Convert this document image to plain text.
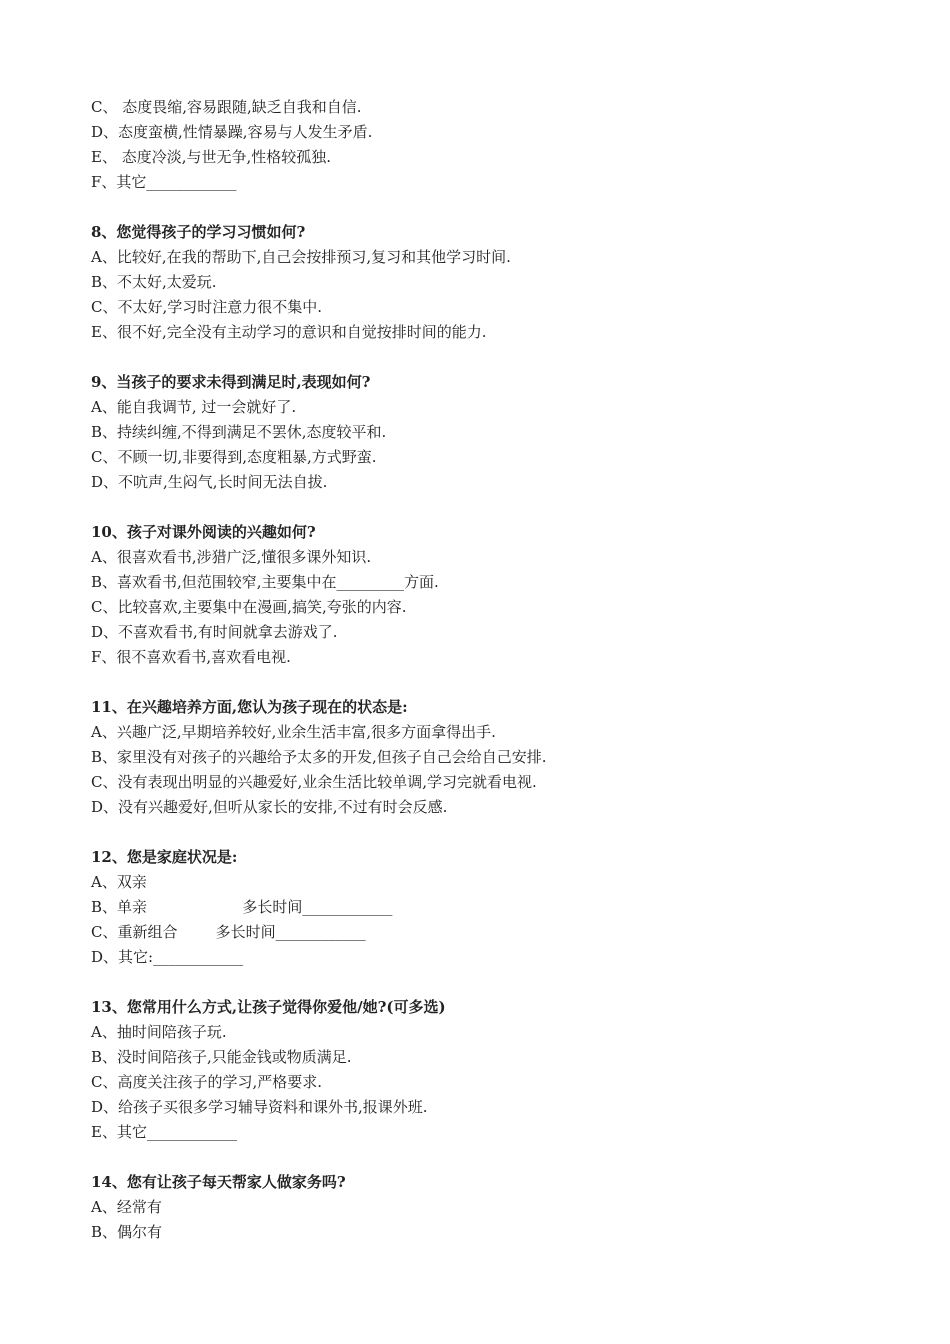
C、 态度畏缩,容易跟随,缺乏自我和自信.
D、态度蛮横,性情暴躁,容易与人发生矛盾.
E、 态度冷淡,与世无争,性格较孤独.
F、其它____________
8、您觉得孩子的学习习惯如何?
A、比较好,在我的帮助下,自己会按排预习,复习和其他学习时间.
B、不太好,太爱玩.
C、不太好,学习时注意力很不集中.
E、很不好,完全没有主动学习的意识和自觉按排时间的能力.
9、当孩子的要求未得到满足时,表现如何?
A、能自我调节, 过一会就好了.
B、持续纠缠,不得到满足不罢休,态度较平和.
C、不顾一切,非要得到,态度粗暴,方式野蛮.
D、不吭声,生闷气,长时间无法自拔.
10、孩子对课外阅读的兴趣如何?
A、很喜欢看书,涉猎广泛,懂很多课外知识.
B、喜欢看书,但范围较窄,主要集中在_________方面.
C、比较喜欢,主要集中在漫画,搞笑,夸张的内容.
D、不喜欢看书,有时间就拿去游戏了.
F、很不喜欢看书,喜欢看电视.
11、在兴趣培养方面,您认为孩子现在的状态是:
A、兴趣广泛,早期培养较好,业余生活丰富,很多方面拿得出手.
B、家里没有对孩子的兴趣给予太多的开发,但孩子自己会给自己安排.
C、没有表现出明显的兴趣爱好,业余生活比较单调,学习完就看电视.
D、没有兴趣爱好,但听从家长的安排,不过有时会反感.
12、您是家庭状况是:
A、双亲
B、单亲                    多长时间____________
C、重新组合        多长时间____________
D、其它:____________
13、您常用什么方式,让孩子觉得你爱他/她?(可多选)
A、抽时间陪孩子玩.
B、没时间陪孩子,只能金钱或物质满足.
C、高度关注孩子的学习,严格要求.
D、给孩子买很多学习辅导资料和课外书,报课外班.
E、其它____________
14、您有让孩子每天帮家人做家务吗?
A、经常有
B、偶尔有
